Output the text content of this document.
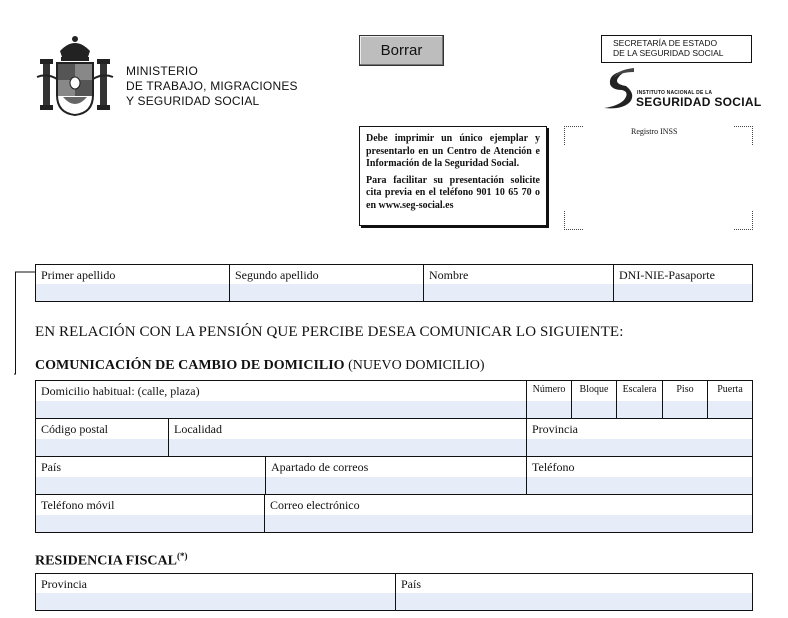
MINISTERIO
DE TRABAJO, MIGRACIONES
Y SEGURIDAD SOCIAL
Borrar

Debe imprimir un único ejemplar y presentarlo en un Centro de Atención e Información de la Seguridad Social.

Para facilitar su presentación solicite cita previa en el teléfono 901 10 65 70 o en www.seg-social.es

SECRETARÍA DE ESTADO
DE LA SEGURIDAD SOCIAL
INSTITUTO NACIONAL DE LA
SEGURIDAD SOCIAL
Registro INSS
Primer apellido	Segundo apellido	Nombre	DNI-NIE-Pasaporte
EN RELACIÓN CON LA PENSIÓN QUE PERCIBE DESEA COMUNICAR LO SIGUIENTE:
COMUNICACIÓN DE CAMBIO DE DOMICILIO (NUEVO DOMICILIO)
Domicilio habitual: (calle, plaza)	Número	Bloque	Escalera	Piso	Puerta
Código postal	Localidad	Provincia
País	Apartado de correos	Teléfono
Teléfono móvil	Correo electrónico
RESIDENCIA FISCAL(*)
Provincia	País
